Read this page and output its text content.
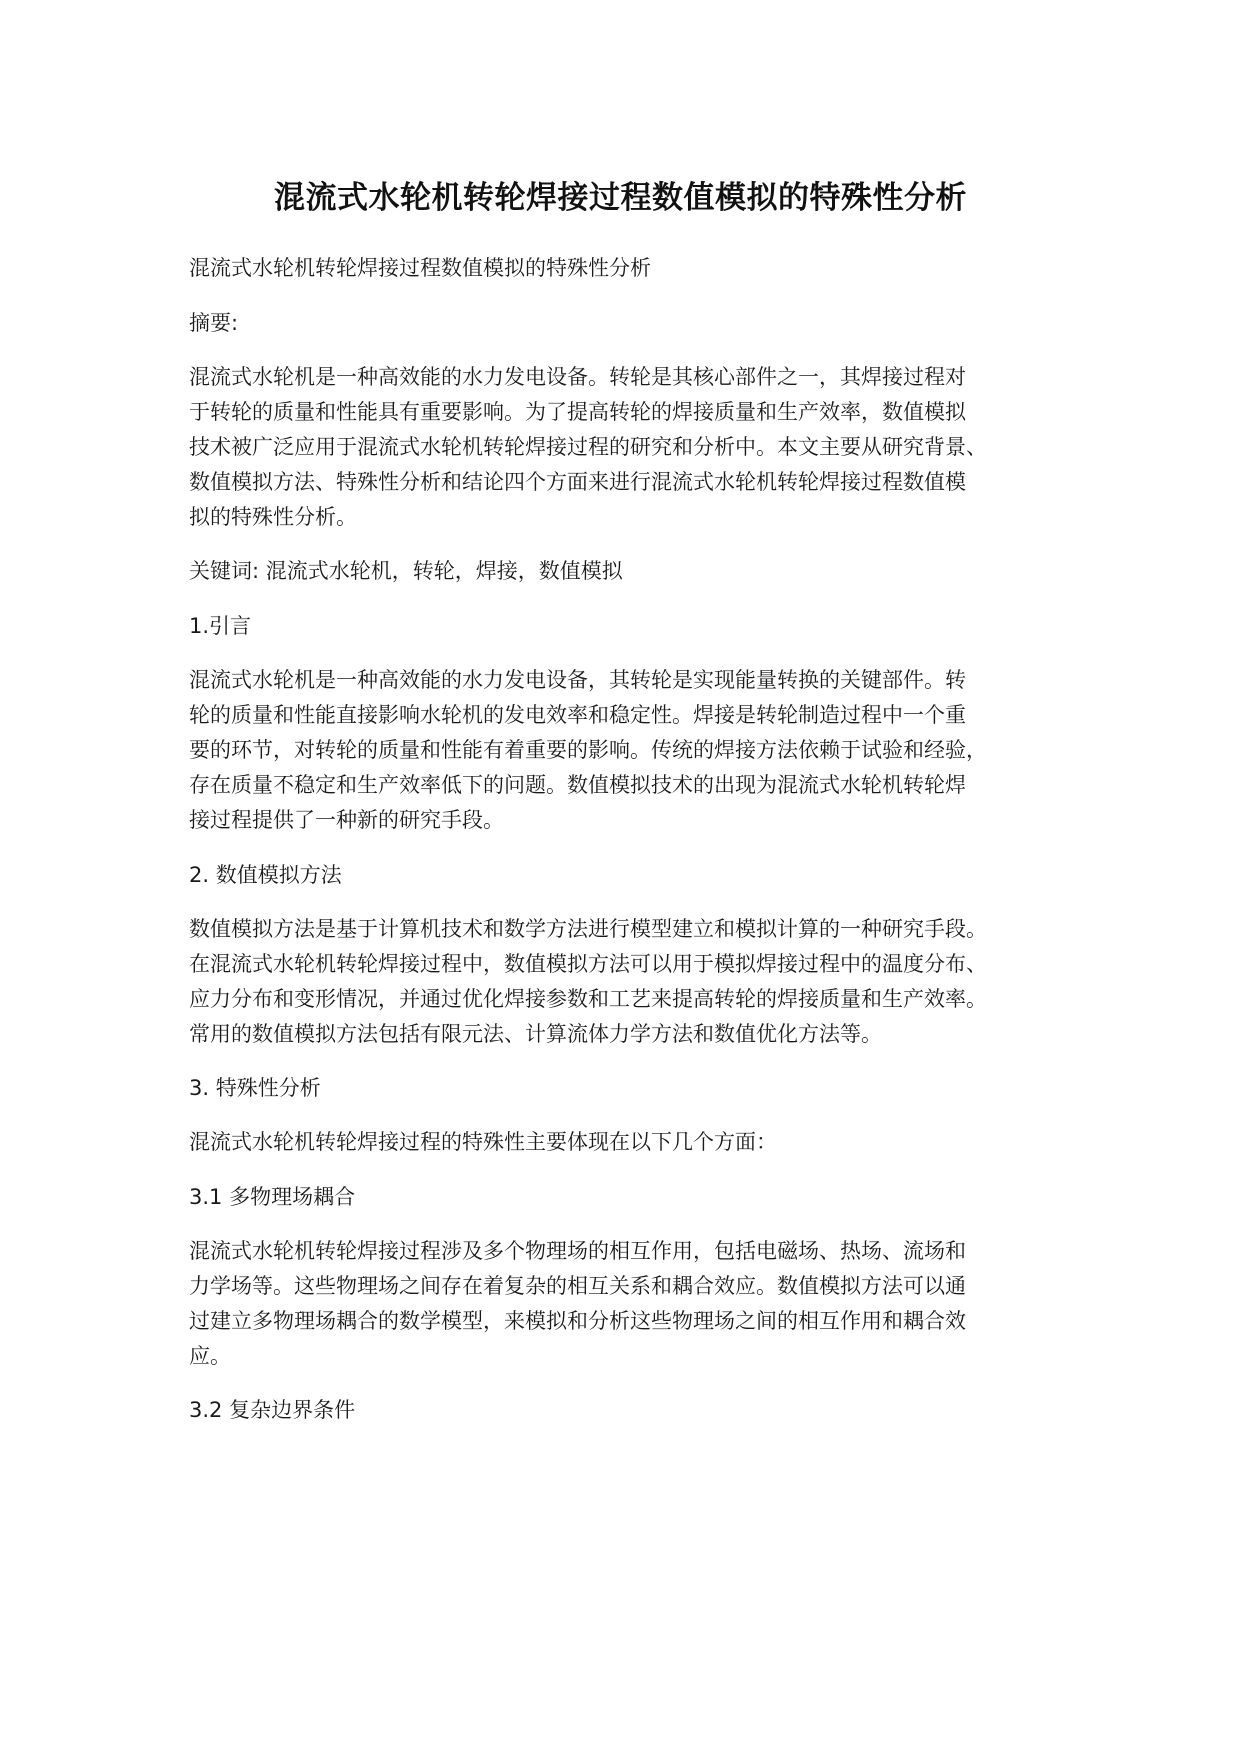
混流式水轮机转轮焊接过程数值模拟的特殊性分析
混流式水轮机转轮焊接过程数值模拟的特殊性分析
摘要:
混流式水轮机是一种高效能的水力发电设备。转轮是其核心部件之一，其焊接过程对
于转轮的质量和性能具有重要影响。为了提高转轮的焊接质量和生产效率，数值模拟
技术被广泛应用于混流式水轮机转轮焊接过程的研究和分析中。本文主要从研究背景、
数值模拟方法、特殊性分析和结论四个方面来进行混流式水轮机转轮焊接过程数值模
拟的特殊性分析。
关键词: 混流式水轮机，转轮，焊接，数值模拟
1.引言
混流式水轮机是一种高效能的水力发电设备，其转轮是实现能量转换的关键部件。转
轮的质量和性能直接影响水轮机的发电效率和稳定性。焊接是转轮制造过程中一个重
要的环节，对转轮的质量和性能有着重要的影响。传统的焊接方法依赖于试验和经验，
存在质量不稳定和生产效率低下的问题。数值模拟技术的出现为混流式水轮机转轮焊
接过程提供了一种新的研究手段。
2. 数值模拟方法
数值模拟方法是基于计算机技术和数学方法进行模型建立和模拟计算的一种研究手段。
在混流式水轮机转轮焊接过程中，数值模拟方法可以用于模拟焊接过程中的温度分布、
应力分布和变形情况，并通过优化焊接参数和工艺来提高转轮的焊接质量和生产效率。
常用的数值模拟方法包括有限元法、计算流体力学方法和数值优化方法等。
3. 特殊性分析
混流式水轮机转轮焊接过程的特殊性主要体现在以下几个方面：
3.1 多物理场耦合
混流式水轮机转轮焊接过程涉及多个物理场的相互作用，包括电磁场、热场、流场和
力学场等。这些物理场之间存在着复杂的相互关系和耦合效应。数值模拟方法可以通
过建立多物理场耦合的数学模型，来模拟和分析这些物理场之间的相互作用和耦合效
应。
3.2 复杂边界条件
